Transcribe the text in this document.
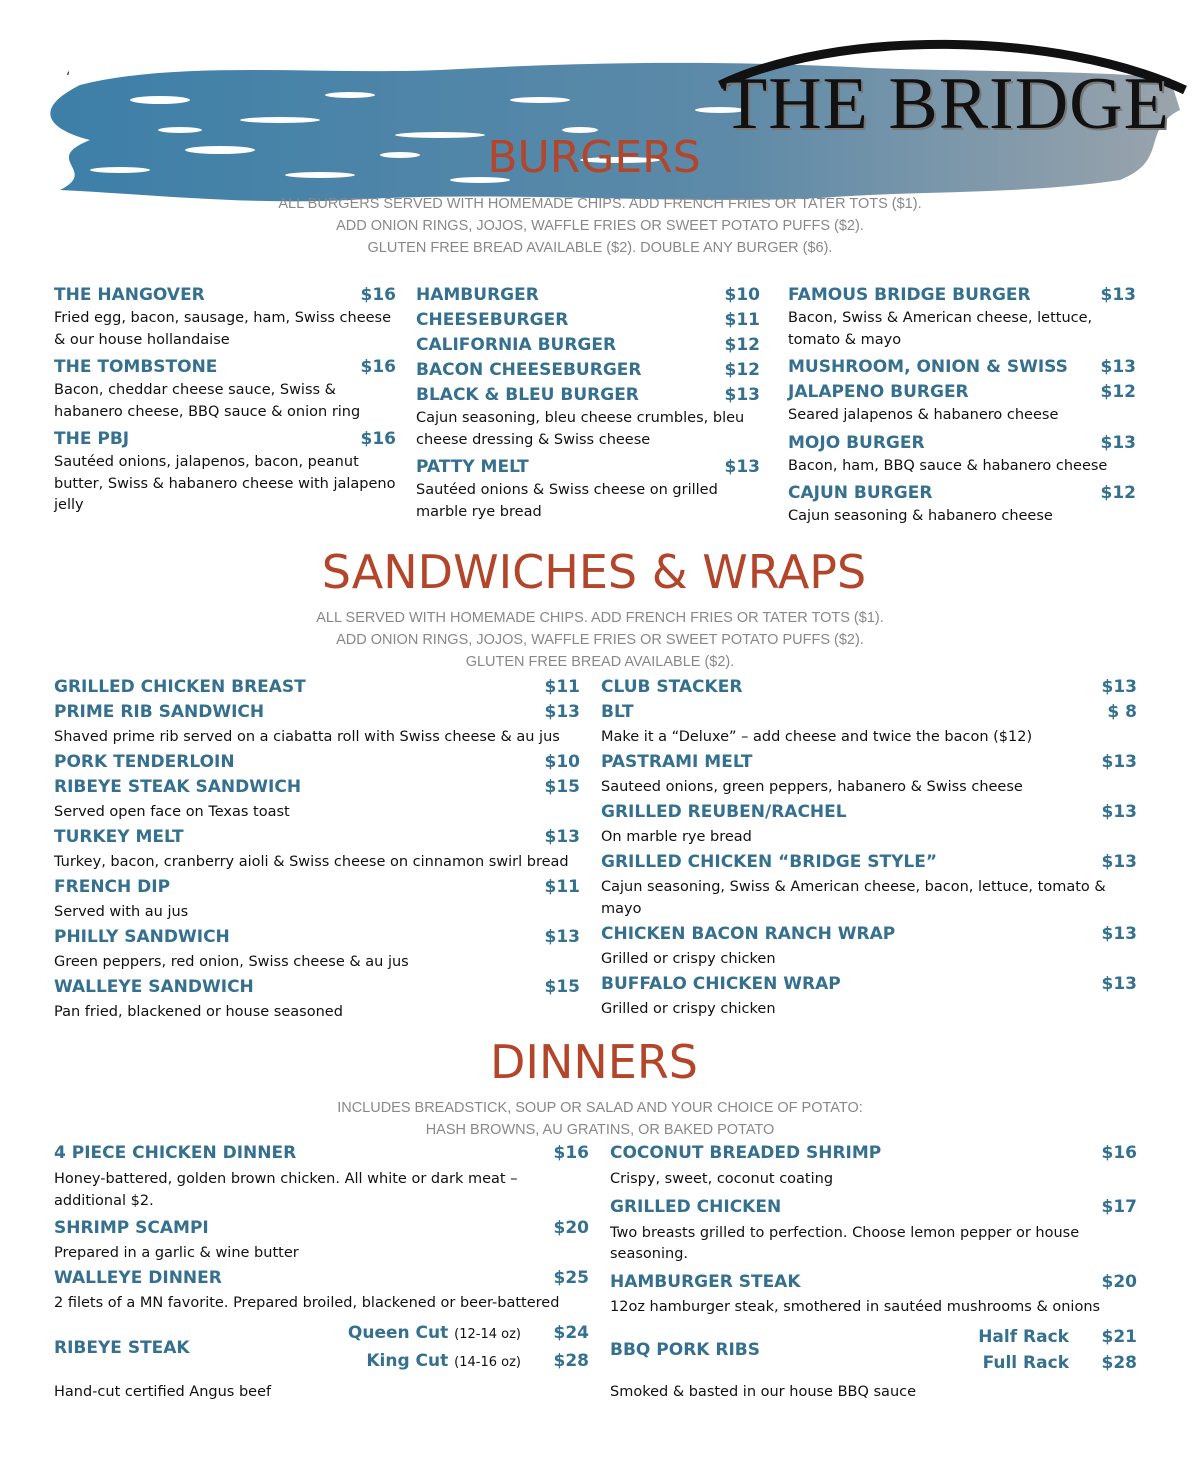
THE BRIDGE
‘
BURGERS
ALL BURGERS SERVED WITH HOMEMADE CHIPS. ADD FRENCH FRIES OR TATER TOTS ($1).
ADD ONION RINGS, JOJOS, WAFFLE FRIES OR SWEET POTATO PUFFS ($2).
GLUTEN FREE BREAD AVAILABLE ($2). DOUBLE ANY BURGER ($6).
THE HANGOVER	$16
Fried egg, bacon, sausage, ham, Swiss cheese & our house hollandaise
THE TOMBSTONE	$16
Bacon, cheddar cheese sauce, Swiss & habanero cheese, BBQ sauce & onion ring
THE PBJ	$16
Sautéed onions, jalapenos, bacon, peanut butter, Swiss & habanero cheese with jalapeno jelly
HAMBURGER	$10
CHEESEBURGER	$11
CALIFORNIA BURGER	$12
BACON CHEESEBURGER	$12
BLACK & BLEU BURGER	$13
Cajun seasoning, bleu cheese crumbles, bleu cheese dressing & Swiss cheese
PATTY MELT	$13
Sautéed onions & Swiss cheese on grilled marble rye bread
FAMOUS BRIDGE BURGER	$13
Bacon, Swiss & American cheese, lettuce, tomato & mayo
MUSHROOM, ONION & SWISS $13
JALAPENO BURGER	$12
Seared jalapenos & habanero cheese
MOJO BURGER	$13
Bacon, ham, BBQ sauce & habanero cheese
CAJUN BURGER	$12
Cajun seasoning & habanero cheese
SANDWICHES & WRAPS
ALL SERVED WITH HOMEMADE CHIPS. ADD FRENCH FRIES OR TATER TOTS ($1).
ADD ONION RINGS, JOJOS, WAFFLE FRIES OR SWEET POTATO PUFFS ($2).
GLUTEN FREE BREAD AVAILABLE ($2).
GRILLED CHICKEN BREAST	$11
PRIME RIB SANDWICH	$13
Shaved prime rib served on a ciabatta roll with Swiss cheese & au jus
PORK TENDERLOIN	$10
RIBEYE STEAK SANDWICH	$15
Served open face on Texas toast
TURKEY MELT	$13
Turkey, bacon, cranberry aioli & Swiss cheese on cinnamon swirl bread
FRENCH DIP	$11
Served with au jus
PHILLY SANDWICH	$13
Green peppers, red onion, Swiss cheese & au jus
WALLEYE SANDWICH	$15
Pan fried, blackened or house seasoned
CLUB STACKER	$13
BLT	$ 8
Make it a “Deluxe” – add cheese and twice the bacon ($12)
PASTRAMI MELT	$13
Sauteed onions, green peppers, habanero & Swiss cheese
GRILLED REUBEN/RACHEL	$13
On marble rye bread
GRILLED CHICKEN “BRIDGE STYLE”	$13
Cajun seasoning, Swiss & American cheese, bacon, lettuce, tomato & mayo
CHICKEN BACON RANCH WRAP	$13
Grilled or crispy chicken
BUFFALO CHICKEN WRAP	$13
Grilled or crispy chicken
DINNERS
INCLUDES BREADSTICK, SOUP OR SALAD AND YOUR CHOICE OF POTATO:
HASH BROWNS, AU GRATINS, OR BAKED POTATO
4 PIECE CHICKEN DINNER	$16
Honey-battered, golden brown chicken. All white or dark meat – additional $2.
SHRIMP SCAMPI	$20
Prepared in a garlic & wine butter
WALLEYE DINNER	$25
2 filets of a MN favorite. Prepared broiled, blackened or beer-battered
RIBEYE STEAK
Queen Cut (12-14 oz)	$24
King Cut (14-16 oz)	$28
Hand-cut certified Angus beef
COCONUT BREADED SHRIMP	$16
Crispy, sweet, coconut coating
GRILLED CHICKEN	$17
Two breasts grilled to perfection. Choose lemon pepper or house seasoning.
HAMBURGER STEAK	$20
12oz hamburger steak, smothered in sautéed mushrooms & onions
BBQ PORK RIBS
Half Rack	$21
Full Rack	$28
Smoked & basted in our house BBQ sauce
